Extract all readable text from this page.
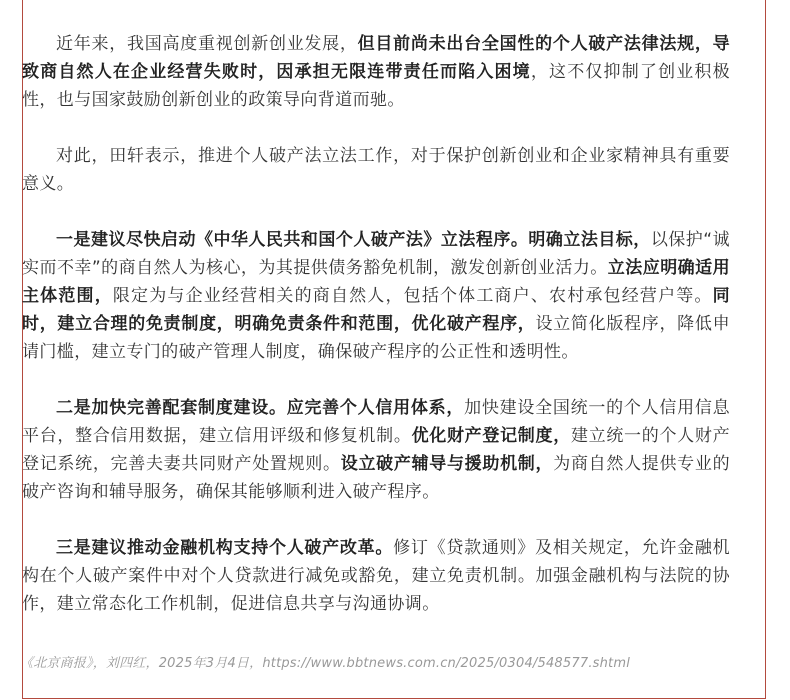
近年来，我国高度重视创新创业发展，但目前尚未出台全国性的个人破产法律法规，导致商自然人在企业经营失败时，因承担无限连带责任而陷入困境，这不仅抑制了创业积极性，也与国家鼓励创新创业的政策导向背道而驰。

对此，田轩表示，推进个人破产法立法工作，对于保护创新创业和企业家精神具有重要意义。

一是建议尽快启动《中华人民共和国个人破产法》立法程序。明确立法目标，以保护“诚实而不幸”的商自然人为核心，为其提供债务豁免机制，激发创新创业活力。立法应明确适用主体范围，限定为与企业经营相关的商自然人，包括个体工商户、农村承包经营户等。同时，建立合理的免责制度，明确免责条件和范围，优化破产程序，设立简化版程序，降低申请门槛，建立专门的破产管理人制度，确保破产程序的公正性和透明性。

二是加快完善配套制度建设。应完善个人信用体系，加快建设全国统一的个人信用信息平台，整合信用数据，建立信用评级和修复机制。优化财产登记制度，建立统一的个人财产登记系统，完善夫妻共同财产处置规则。设立破产辅导与援助机制，为商自然人提供专业的破产咨询和辅导服务，确保其能够顺利进入破产程序。

三是建议推动金融机构支持个人破产改革。修订《贷款通则》及相关规定，允许金融机构在个人破产案件中对个人贷款进行减免或豁免，建立免责机制。加强金融机构与法院的协作，建立常态化工作机制，促进信息共享与沟通协调。

《北京商报》，刘四红，2025年3月4日，https://www.bbtnews.com.cn/2025/0304/548577.shtml
